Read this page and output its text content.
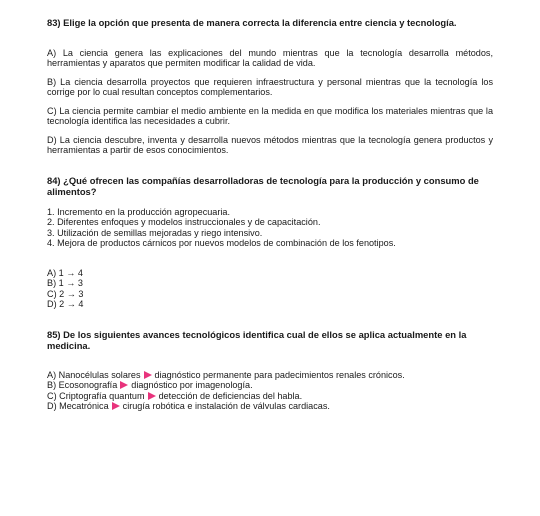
83) Elige la opción que presenta de manera correcta la diferencia entre ciencia y tecnología.

A) La ciencia genera las explicaciones del mundo mientras que la tecnología desarrolla métodos, herramientas y aparatos que permiten modificar la calidad de vida.

B) La ciencia desarrolla proyectos que requieren infraestructura y personal mientras que la tecnología los corrige por lo cual resultan conceptos complementarios.

C) La ciencia permite cambiar el medio ambiente en la medida en que modifica los materiales mientras que la tecnología identifica las necesidades a cubrir.

D) La ciencia descubre, inventa y desarrolla nuevos métodos mientras que la tecnología genera productos y herramientas a partir de esos conocimientos.

84) ¿Qué ofrecen las compañías desarrolladoras de tecnología para la producción y consumo de alimentos?

1. Incremento en la producción agropecuaria.
2. Diferentes enfoques y modelos instruccionales y de capacitación.
3. Utilización de semillas mejoradas y riego intensivo.
4. Mejora de productos cárnicos por nuevos modelos de combinación de los fenotipos.
A) 1 → 4
B) 1 → 3
C) 2 → 3
D) 2 → 4

85) De los siguientes avances tecnológicos identifica cual de ellos se aplica actualmente en la medicina.

A) Nanocélulas solares diagnóstico permanente para padecimientos renales crónicos.
B) Ecosonografía diagnóstico por imagenología.
C) Criptografía quantum detección de deficiencias del habla.
D) Mecatrónica cirugía robótica e instalación de válvulas cardiacas.
